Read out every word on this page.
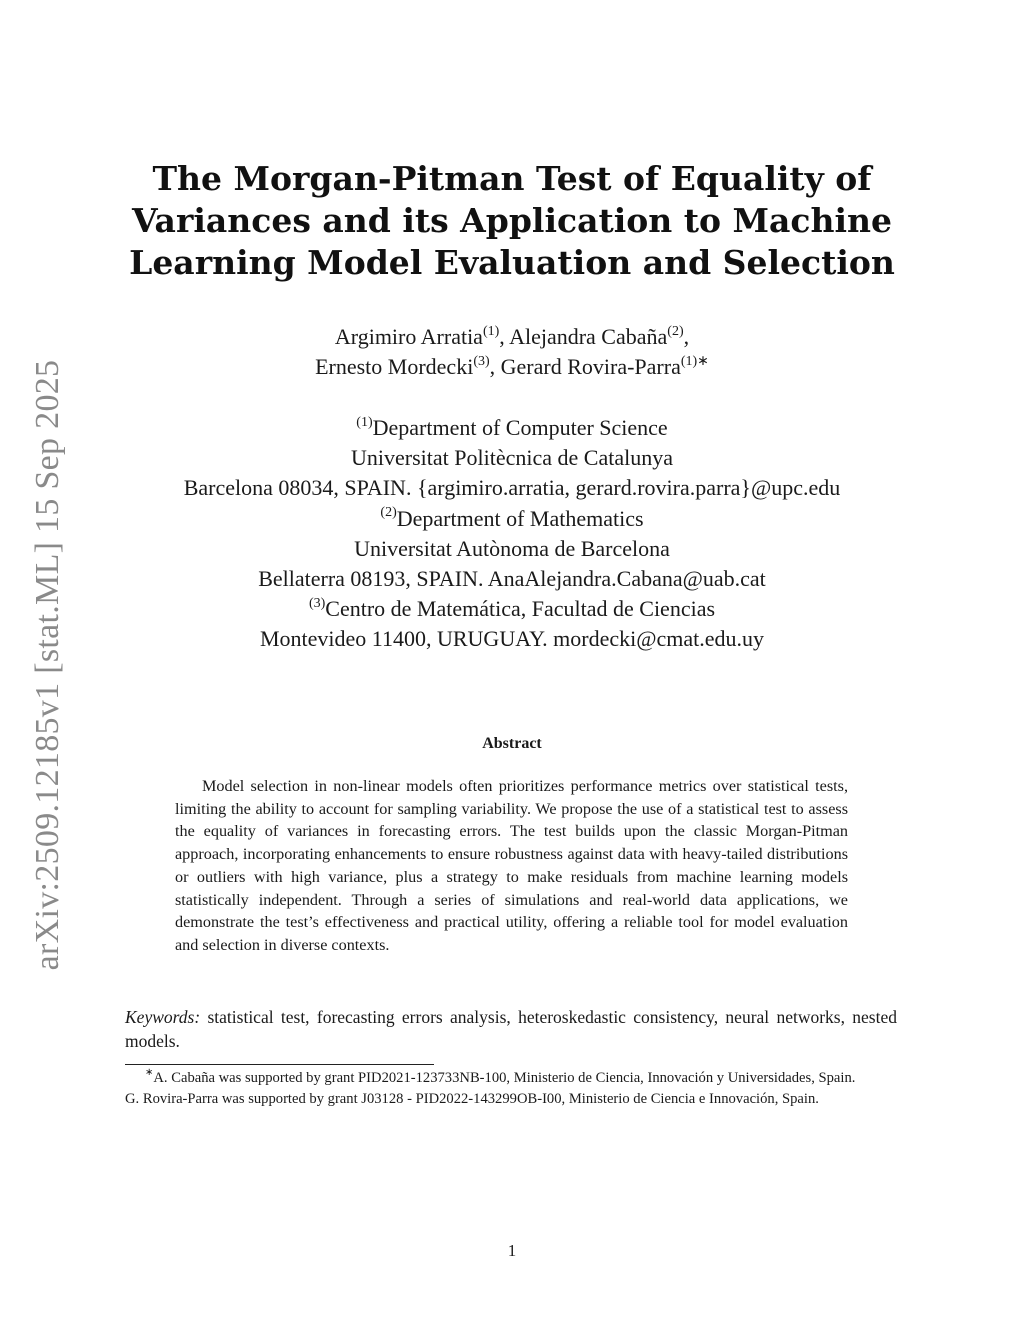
arXiv:2509.12185v1 [stat.ML] 15 Sep 2025
The Morgan-Pitman Test of Equality of
Variances and its Application to Machine
Learning Model Evaluation and Selection
Argimiro Arratia$^{(1)}$, Alejandra Cabaña$^{(2)}$,
Ernesto Mordecki$^{(3)}$, Gerard Rovira-Parra$^{(1)∗}$
$^{(1)}$Department of Computer Science
Universitat Politècnica de Catalunya
Barcelona 08034, SPAIN. {argimiro.arratia, gerard.rovira.parra}@upc.edu
$^{(2)}$Department of Mathematics
Universitat Autònoma de Barcelona
Bellaterra 08193, SPAIN. AnaAlejandra.Cabana@uab.cat
$^{(3)}$Centro de Matemática, Facultad de Ciencias
Montevideo 11400, URUGUAY. mordecki@cmat.edu.uy
Abstract
Model selection in non-linear models often prioritizes performance metrics over statistical tests, limiting the ability to account for sampling variability. We propose the use of a statistical test to assess the equality of variances in forecasting errors. The test builds upon the classic Morgan-Pitman approach, incorporating enhancements to ensure robustness against data with heavy-tailed distributions or outliers with high variance, plus a strategy to make residuals from machine learning models statistically independent. Through a series of simulations and real-world data applications, we demonstrate the test’s effectiveness and practical utility, offering a reliable tool for model evaluation and selection in diverse contexts.
Keywords: statistical test, forecasting errors analysis, heteroskedastic consistency, neural networks, nested models.

∗A. Cabaña was supported by grant PID2021-123733NB-100, Ministerio de Ciencia, Innovación y Universidades, Spain.

G. Rovira-Parra was supported by grant J03128 - PID2022-143299OB-I00, Ministerio de Ciencia e Innovación, Spain.

1
